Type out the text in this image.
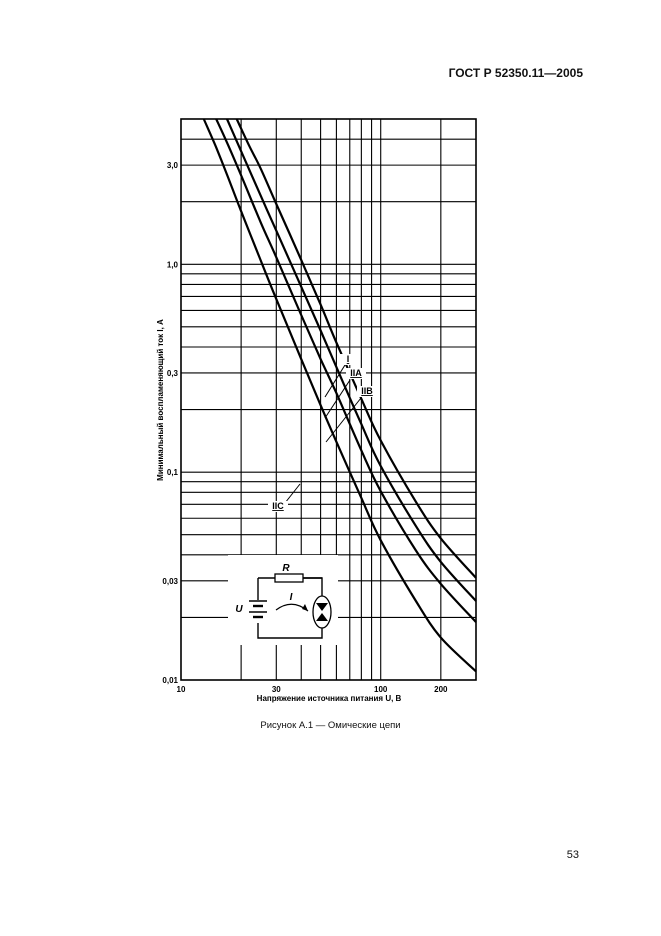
ГОСТ Р 52350.11—2005
I
IIA
IIB
IIC
10	30	100	200
0,01
0,03
0,1
0,3
1,0
3,0
R
U
I
Минимальный воспламеняющий ток I, А
Напряжение источника питания U, В
Рисунок А.1 — Омические цепи
53
